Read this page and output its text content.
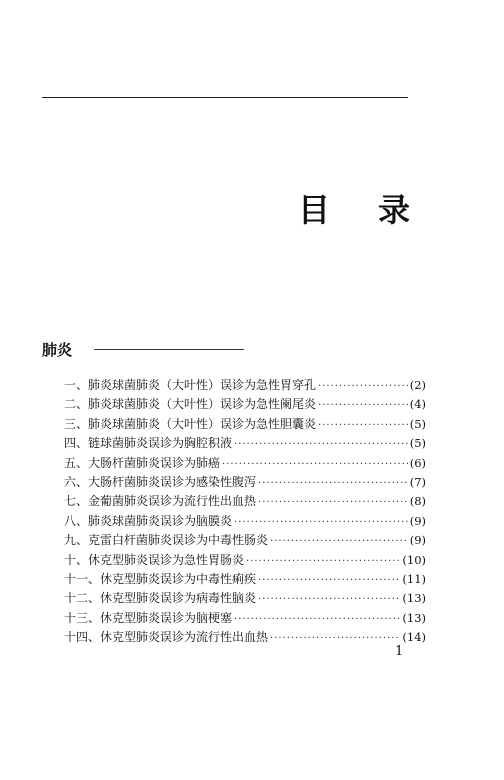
目 录
肺炎
一、肺炎球菌肺炎（大叶性）误诊为急性胃穿孔 ·····	(2)
二、肺炎球菌肺炎（大叶性）误诊为急性阑尾炎 ·····	(4)
三、肺炎球菌肺炎（大叶性）误诊为急性胆囊炎 ·····	(5)
四、链球菌肺炎误诊为胸腔积液 ·····	(5)
五、大肠杆菌肺炎误诊为肺癌 ·····	(6)
六、大肠杆菌肺炎误诊为感染性腹泻 ·····	(7)
七、金葡菌肺炎误诊为流行性出血热 ·····	(8)
八、肺炎球菌肺炎误诊为脑膜炎 ·····	(9)
九、克雷白杆菌肺炎误诊为中毒性肠炎 ·····	(9)
十、休克型肺炎误诊为急性胃肠炎 ·····	(10)
十一、休克型肺炎误诊为中毒性痢疾 ·····	(11)
十二、休克型肺炎误诊为病毒性脑炎 ·····	(13)
十三、休克型肺炎误诊为脑梗塞 ·····	(13)
十四、休克型肺炎误诊为流行性出血热 ·····	(14)
1
